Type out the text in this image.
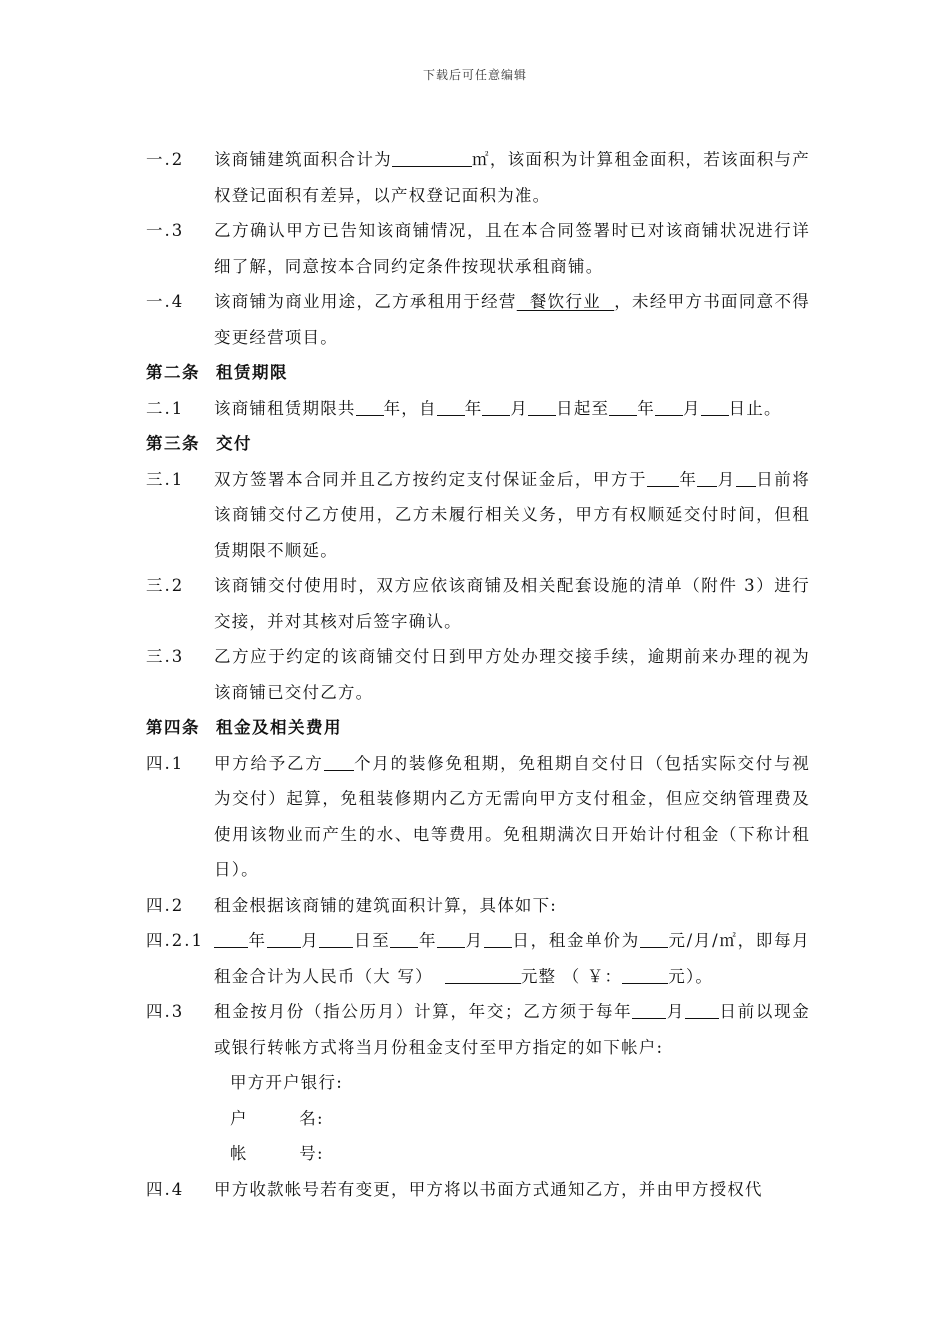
下载后可任意编辑
一.2	该商铺建筑面积合计为	㎡，该面积为计算租金面积，若该面积与产权登记面积有差异，以产权登记面积为准。
一.3	乙方确认甲方已告知该商铺情况，且在本合同签署时已对该商铺状况进行详细了解，同意按本合同约定条件按现状承租商铺。
一.4	该商铺为商业用途，乙方承租用于经营  餐饮行业  ，未经甲方书面同意不得变更经营项目。
第二条 租赁期限
二.1	该商铺租赁期限共 年，自 年 月 日起至 年 月 日止。
第三条 交付
三.1	双方签署本合同并且乙方按约定支付保证金后，甲方于 年 月 日前将该商铺交付乙方使用，乙方未履行相关义务，甲方有权顺延交付时间，但租赁期限不顺延。
三.2	该商铺交付使用时，双方应依该商铺及相关配套设施的清单（附件 3）进行交接，并对其核对后签字确认。
三.3	乙方应于约定的该商铺交付日到甲方处办理交接手续，逾期前来办理的视为该商铺已交付乙方。
第四条 租金及相关费用
四.1	甲方给予乙方 个月的装修免租期，免租期自交付日（包括实际交付与视为交付）起算，免租装修期内乙方无需向甲方支付租金，但应交纳管理费及使用该物业而产生的水、电等费用。免租期满次日开始计付租金（下称计租日）。
四.2	租金根据该商铺的建筑面积计算，具体如下:
四.2.1	年 月 日至 年 月 日，租金单价为 元/月/㎡，即每月租金合计为人民币（大 写）	元整 （ ￥：	元）。
四.3	租金按月份（指公历月）计算，年交；乙方须于每年 月 日前以现金或银行转帐方式将当月份租金支付至甲方指定的如下帐户:
甲方开户银行:
户        名:
帐        号:
四.4	甲方收款帐号若有变更，甲方将以书面方式通知乙方，并由甲方授权代
